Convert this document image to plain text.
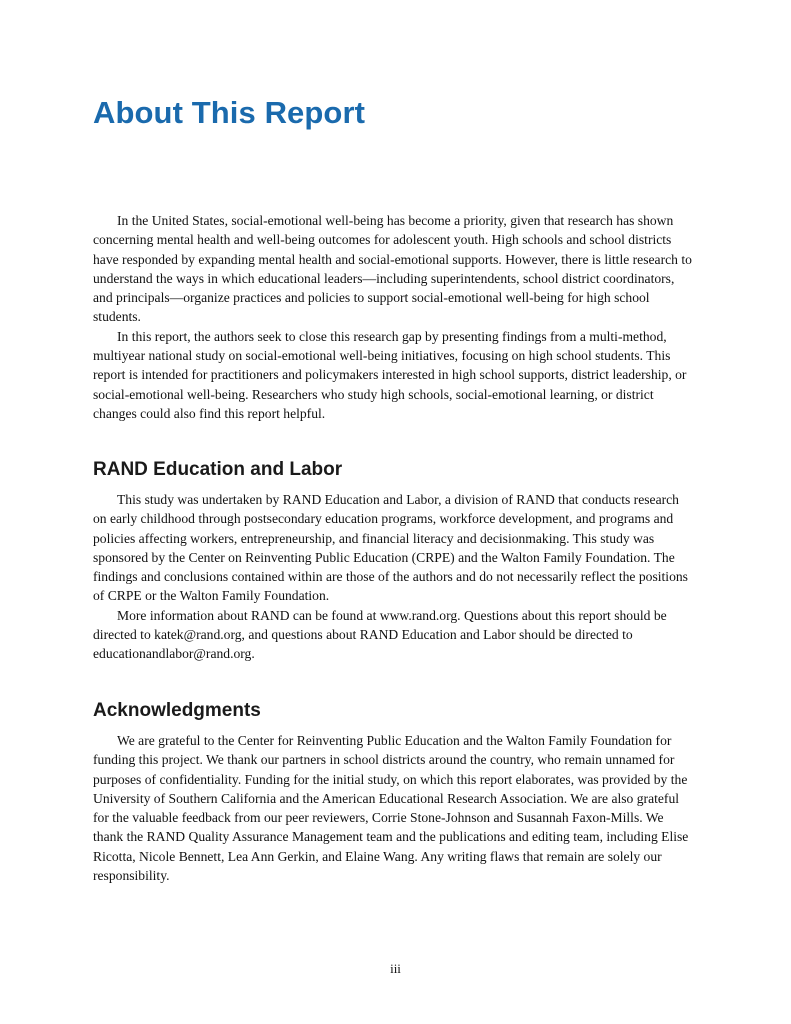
About This Report

In the United States, social-emotional well-being has become a priority, given that research has shown concerning mental health and well-being outcomes for adolescent youth. High schools and school districts have responded by expanding mental health and social-emotional supports. However, there is little research to understand the ways in which educational leaders—including superintendents, school district coordinators, and principals—organize practices and policies to support social-emotional well-being for high school students.

In this report, the authors seek to close this research gap by presenting findings from a multi-method, multiyear national study on social-emotional well-being initiatives, focusing on high school students. This report is intended for practitioners and policymakers interested in high school supports, district leadership, or social-emotional well-being. Researchers who study high schools, social-emotional learning, or district changes could also find this report helpful.

RAND Education and Labor

This study was undertaken by RAND Education and Labor, a division of RAND that conducts research on early childhood through postsecondary education programs, workforce development, and programs and policies affecting workers, entrepreneurship, and financial literacy and decisionmaking. This study was sponsored by the Center on Reinventing Public Education (CRPE) and the Walton Family Foundation. The findings and conclusions contained within are those of the authors and do not necessarily reflect the positions of CRPE or the Walton Family Foundation.

More information about RAND can be found at www.rand.org. Questions about this report should be directed to katek@rand.org, and questions about RAND Education and Labor should be directed to educationandlabor@rand.org.

Acknowledgments

We are grateful to the Center for Reinventing Public Education and the Walton Family Foundation for funding this project. We thank our partners in school districts around the country, who remain unnamed for purposes of confidentiality. Funding for the initial study, on which this report elaborates, was provided by the University of Southern California and the American Educational Research Association. We are also grateful for the valuable feedback from our peer reviewers, Corrie Stone-Johnson and Susannah Faxon-Mills. We thank the RAND Quality Assurance Management team and the publications and editing team, including Elise Ricotta, Nicole Bennett, Lea Ann Gerkin, and Elaine Wang. Any writing flaws that remain are solely our responsibility.

iii
